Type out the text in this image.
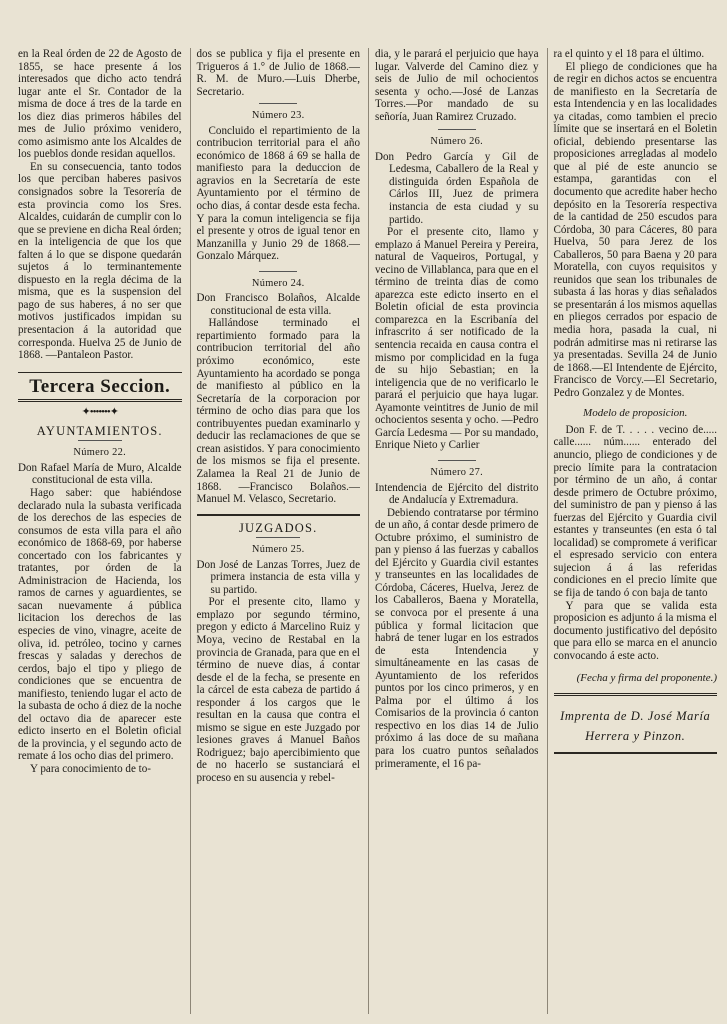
en la Real órden de 22 de Agosto de 1855, se hace presente á los interesados que dicho acto tendrá lugar ante el Sr. Contador de la misma de doce á tres de la tarde en los diez dias primeros hábiles del mes de Julio próximo venidero, como asimismo ante los Alcaldes de los pueblos donde residan aquellos.

En su consecuencia, tanto todos los que perciban haberes pasivos consignados sobre la Tesorería de esta provincia como los Sres. Alcaldes, cuidarán de cumplir con lo que se previene en dicha Real órden; en la inteligencia de que los que falten á lo que se dispone quedarán sujetos á lo terminantemente dispuesto en la regla décima de la misma, que es la suspension del pago de sus haberes, á no ser que motivos justificados impidan su presentacion á la autoridad que corresponda. Huelva 25 de Junio de 1868. —Pantaleon Pastor.

Tercera Seccion.
✦•••••••✦
AYUNTAMIENTOS.
Número 22.

Don Rafael María de Muro, Alcalde constitucional de esta villa.

Hago saber: que habiéndose declarado nula la subasta verificada de los derechos de las especies de consumos de esta villa para el año económico de 1868-69, por haberse concertado con los fabricantes y tratantes, por órden de la Administracion de Hacienda, los ramos de carnes y aguardientes, se sacan nuevamente á pública licitacion los derechos de las especies de vino, vinagre, aceite de oliva, id. petróleo, tocino y carnes frescas y saladas y derechos de cerdos, bajo el tipo y pliego de condiciones que se encuentra de manifiesto, teniendo lugar el acto de la subasta de ocho á diez de la noche del octavo dia de aparecer este edicto inserto en el Boletin oficial de la provincia, y el segundo acto de remate á los ocho dias del primero.

Y para conocimiento de to-

dos se publica y fija el presente en Trigueros á 1.° de Julio de 1868.—R. M. de Muro.—Luis Dherbe, Secretario.

Número 23.

Concluido el repartimiento de la contribucion territorial para el año económico de 1868 á 69 se halla de manifiesto para la deduccion de agravios en la Secretaría de este Ayuntamiento por el término de ocho dias, á contar desde esta fecha. Y para la comun inteligencia se fija el presente y otros de igual tenor en Manzanilla y Junio 29 de 1868.—Gonzalo Márquez.

Número 24.

Don Francisco Bolaños, Alcalde constitucional de esta villa.

Hallándose terminado el repartimiento formado para la contribucion territorial del año próximo económico, este Ayuntamiento ha acordado se ponga de manifiesto al público en la Secretaría de la corporacion por término de ocho dias para que los contribuyentes puedan examinarlo y deducir las reclamaciones de que se crean asistidos. Y para conocimiento de los mismos se fija el presente. Zalamea la Real 21 de Junio de 1868. —Francisco Bolaños.—Manuel M. Velasco, Secretario.

JUZGADOS.
Número 25.

Don José de Lanzas Torres, Juez de primera instancia de esta villa y su partido.

Por el presente cito, llamo y emplazo por segundo término, pregon y edicto á Marcelino Ruiz y Moya, vecino de Restabal en la provincia de Granada, para que en el término de nueve dias, á contar desde el de la fecha, se presente en la cárcel de esta cabeza de partido á responder á los cargos que le resultan en la causa que contra el mismo se sigue en este Juzgado por lesiones graves á Manuel Baños Rodriguez; bajo apercibimiento que de no hacerlo se sustanciará el proceso en su ausencia y rebel-

dia, y le parará el perjuicio que haya lugar. Valverde del Camino diez y seis de Julio de mil ochocientos sesenta y ocho.—José de Lanzas Torres.—Por mandado de su señoría, Juan Ramirez Cruzado.

Número 26.

Don Pedro García y Gil de Ledesma, Caballero de la Real y distinguida órden Española de Cárlos III, Juez de primera instancia de esta ciudad y su partido.

Por el presente cito, llamo y emplazo á Manuel Pereira y Pereira, natural de Vaqueiros, Portugal, y vecino de Villablanca, para que en el término de treinta dias de como aparezca este edicto inserto en el Boletin oficial de esta provincia comparezca en la Escribanía del infrascrito á ser notificado de la sentencia recaida en causa contra el mismo por complicidad en la fuga de su hijo Sebastian; en la inteligencia que de no verificarlo le parará el perjuicio que haya lugar. Ayamonte veintitres de Junio de mil ochocientos sesenta y ocho. —Pedro García Ledesma — Por su mandado, Enrique Nieto y Carlier

Número 27.

Intendencia de Ejército del distrito de Andalucía y Extremadura.

Debiendo contratarse por término de un año, á contar desde primero de Octubre próximo, el suministro de pan y pienso á las fuerzas y caballos del Ejército y Guardia civil estantes y transeuntes en las localidades de Córdoba, Cáceres, Huelva, Jerez de los Caballeros, Baena y Moratella, se convoca por el presente á una pública y formal licitacion que habrá de tener lugar en los estrados de esta Intendencia y simultáneamente en las casas de Ayuntamiento de los referidos puntos por los cinco primeros, y en Palma por el último á los Comisarios de la provincia ó canton respectivo en los dias 14 de Julio próximo á las doce de su mañana para los cuatro puntos señalados primeramente, el 16 pa-

ra el quinto y el 18 para el último.

El pliego de condiciones que ha de regir en dichos actos se encuentra de manifiesto en la Secretaría de esta Intendencia y en las localidades ya citadas, como tambien el precio límite que se insertará en el Boletin oficial, debiendo presentarse las proposiciones arregladas al modelo que al pié de este anuncio se estampa, garantidas con el documento que acredite haber hecho depósito en la Tesorería respectiva de la cantidad de 250 escudos para Córdoba, 30 para Cáceres, 80 para Huelva, 50 para Jerez de los Caballeros, 50 para Baena y 20 para Moratella, con cuyos requisitos y reunidos que sean los tribunales de subasta á las horas y dias señalados se presentarán á los mismos aquellas en pliegos cerrados por espacio de media hora, pasada la cual, ni podrán admitirse mas ni retirarse las ya presentadas. Sevilla 24 de Junio de 1868.—El Intendente de Ejército, Francisco de Vorcy.—El Secretario, Pedro Gonzalez y de Montes.

Modelo de proposicion.

Don F. de T. . . . . vecino de..... calle...... núm...... enterado del anuncio, pliego de condiciones y de precio límite para la contratacion por término de un año, á contar desde primero de Octubre próximo, del suministro de pan y pienso á las fuerzas del Ejército y Guardia civil estantes y transeuntes (en esta ó tal localidad) se compromete á verificar el espresado servicio con entera sujecion á á las referidas condiciones en el precio límite que se fija de tando ó con baja de tanto

Y para que se valida esta proposicion es adjunto á la misma el documento justificativo del depósito que para ello se marca en el anuncio convocando á este acto.

(Fecha y firma del proponente.)
Imprenta de D. José María
Herrera y Pinzon.
